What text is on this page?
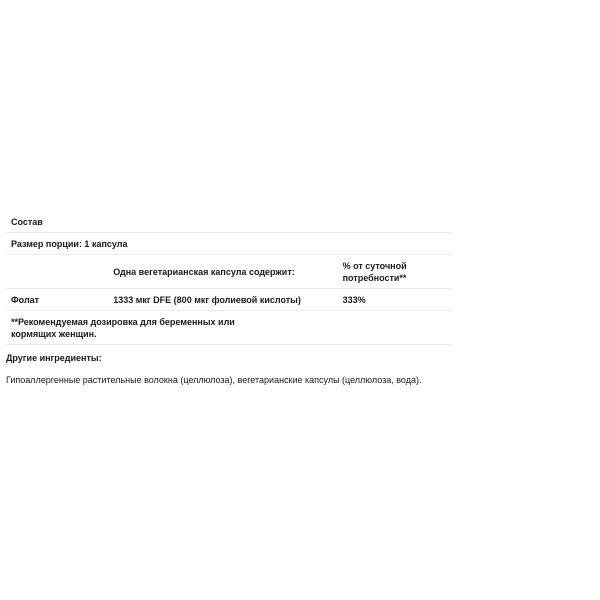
Состав		
Размер порции: 1 капсула		
	Одна вегетарианская капсула содержит:	% от суточной потребности**
Фолат	1333 мкг DFE (800 мкг фолиевой кислоты)	333%
**Рекомендуемая дозировка для беременных или кормящих женщин.		
Другие ингредиенты:
Гипоаллергенные растительные волокна (целлюлоза), вегетарианские капсулы (целлюлоза, вода).
